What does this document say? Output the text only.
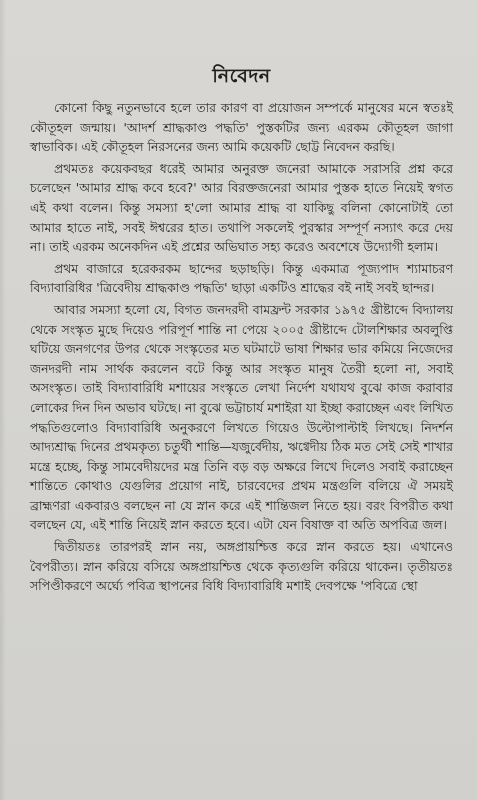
নিবেদন

কোনো কিছু নতুনভাবে হলে তার কারণ বা প্রয়োজন সম্পর্কে মানুষের মনে স্বতঃই কৌতূহল জন্মায়। 'আদর্শ শ্রাদ্ধকাণ্ড পদ্ধতি' পুস্তকটির জন্য এরকম কৌতূহল জাগা স্বাভাবিক। এই কৌতূহল নিরসনের জন্য আমি কয়েকটি ছোট্ট নিবেদন করছি।

প্রথমতঃ কয়েকবছর ধরেই আমার অনুরক্ত জনেরা আমাকে সরাসরি প্রশ্ন করে চলেছেন 'আমার শ্রাদ্ধ কবে হবে?' আর বিরক্তজনেরা আমার পুস্তক হাতে নিয়েই স্বগত এই কথা বলেন। কিন্তু সমস্যা হ'লো আমার শ্রাদ্ধ বা যাকিছু বলিনা কোনোটাই তো আমার হাতে নাই, সবই ঈশ্বরের হাত। তথাপি সকলেই পুরস্কার সম্পূর্ণ নস্যাৎ করে দেয় না। তাই এরকম অনেকদিন এই প্রশ্নের অভিঘাত সহ্য করেও অবশেষে উদ্যোগী হলাম।

প্রথম বাজারে হরেকরকম ছান্দের ছড়াছড়ি। কিন্তু একমাত্র পূজ্যপাদ শ্যামাচরণ বিদ্যাবারিধির 'ত্রিবেদীয় শ্রাদ্ধকাণ্ড পদ্ধতি' ছাড়া একটিও শ্রাদ্ধের বই নাই সবই ছান্দর।

আবার সমস্যা হলো যে, বিগত জনদরদী বামফ্রন্ট সরকার ১৯৭৫ খ্রীষ্টাব্দে বিদ্যালয় থেকে সংস্কৃত মুছে দিয়েও পরিপূর্ণ শান্তি না পেয়ে ২০০৫ খ্রীষ্টাব্দে টোলশিক্ষার অবলুপ্তি ঘটিয়ে জনগণের উপর থেকে সংস্কৃতের মত ঘটমাটে ভাষা শিক্ষার ভার কমিয়ে নিজেদের জনদরদী নাম সার্থক করলেন বটে কিন্তু আর সংস্কৃত মানুষ তৈরী হলো না, সবাই অসংস্কৃত। তাই বিদ্যাবারিধি মশায়ের সংস্কৃতে লেখা নির্দেশ যথাযথ বুঝে কাজ করাবার লোকের দিন দিন অভাব ঘটছে। না বুঝে ভট্টাচার্য মশাইরা যা ইচ্ছা করাচ্ছেন এবং লিখিত পদ্ধতিগুলোও বিদ্যাবারিধি অনুকরণে লিখতে গিয়েও উল্টোপাল্টাই লিখছে। নিদর্শন আদ্যশ্রাদ্ধ দিনের প্রথমকৃত্য চতুর্থী শান্তি—যজুর্বেদীয়, ঋগ্বেদীয় ঠিক মত সেই সেই শাখার মন্ত্রে হচ্ছে, কিন্তু সামবেদীয়দের মন্ত্র তিনি বড় বড় অক্ষরে লিখে দিলেও সবাই করাচ্ছেন শান্তিতে কোথাও যেগুলির প্রয়োগ নাই, চারবেদের প্রথম মন্ত্রগুলি বলিয়ে ঐ সময়ই ব্রাহ্মণরা একবারও বলছেন না যে স্নান করে এই শান্তিজল নিতে হয়। বরং বিপরীত কথা বলছেন যে, এই শান্তি নিয়েই স্নান করতে হবে। এটা যেন বিষাক্ত বা অতি অপবিত্র জল।

দ্বিতীয়তঃ তারপরই স্নান নয়, অঙ্গপ্রায়শ্চিত্ত করে স্নান করতে হয়। এখানেও বৈপরীত্য। স্নান করিয়ে বসিয়ে অঙ্গপ্রায়শ্চিত্ত থেকে কৃত্যগুলি করিয়ে থাকেন। তৃতীয়তঃ সপিণ্ডীকরণে অর্ঘ্যে পবিত্র স্থাপনের বিধি বিদ্যাবারিধি মশাই দেবপক্ষে 'পবিত্রে স্থো
